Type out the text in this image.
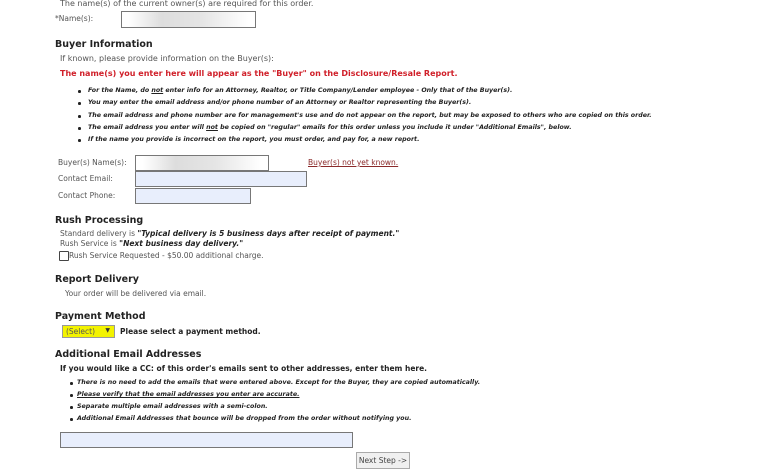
The name(s) of the current owner(s) are required for this order.
*Name(s):
Buyer Information
If known, please provide information on the Buyer(s):
The name(s) you enter here will appear as the "Buyer" on the Disclosure/Resale Report.
For the Name, do not enter info for an Attorney, Realtor, or Title Company/Lender employee - Only that of the Buyer(s).
You may enter the email address and/or phone number of an Attorney or Realtor representing the Buyer(s).
The email address and phone number are for management's use and do not appear on the report, but may be exposed to others who are copied on this order.
The email address you enter will not be copied on "regular" emails for this order unless you include it under "Additional Emails", below.
If the name you provide is incorrect on the report, you must order, and pay for, a new report.
Buyer(s) Name(s):	Buyer(s) not yet known.
Contact Email:
Contact Phone:
Rush Processing
Standard delivery is "Typical delivery is 5 business days after receipt of payment."
Rush Service is "Next business day delivery."
Rush Service Requested - $50.00 additional charge.
Report Delivery
Your order will be delivered via email.
Payment Method
(Select) ▼ Please select a payment method.
Additional Email Addresses
If you would like a CC: of this order's emails sent to other addresses, enter them here.
There is no need to add the emails that were entered above. Except for the Buyer, they are copied automatically.
Please verify that the email addresses you enter are accurate.
Separate multiple email addresses with a semi-colon.
Additional Email Addresses that bounce will be dropped from the order without notifying you.
Next Step ->
